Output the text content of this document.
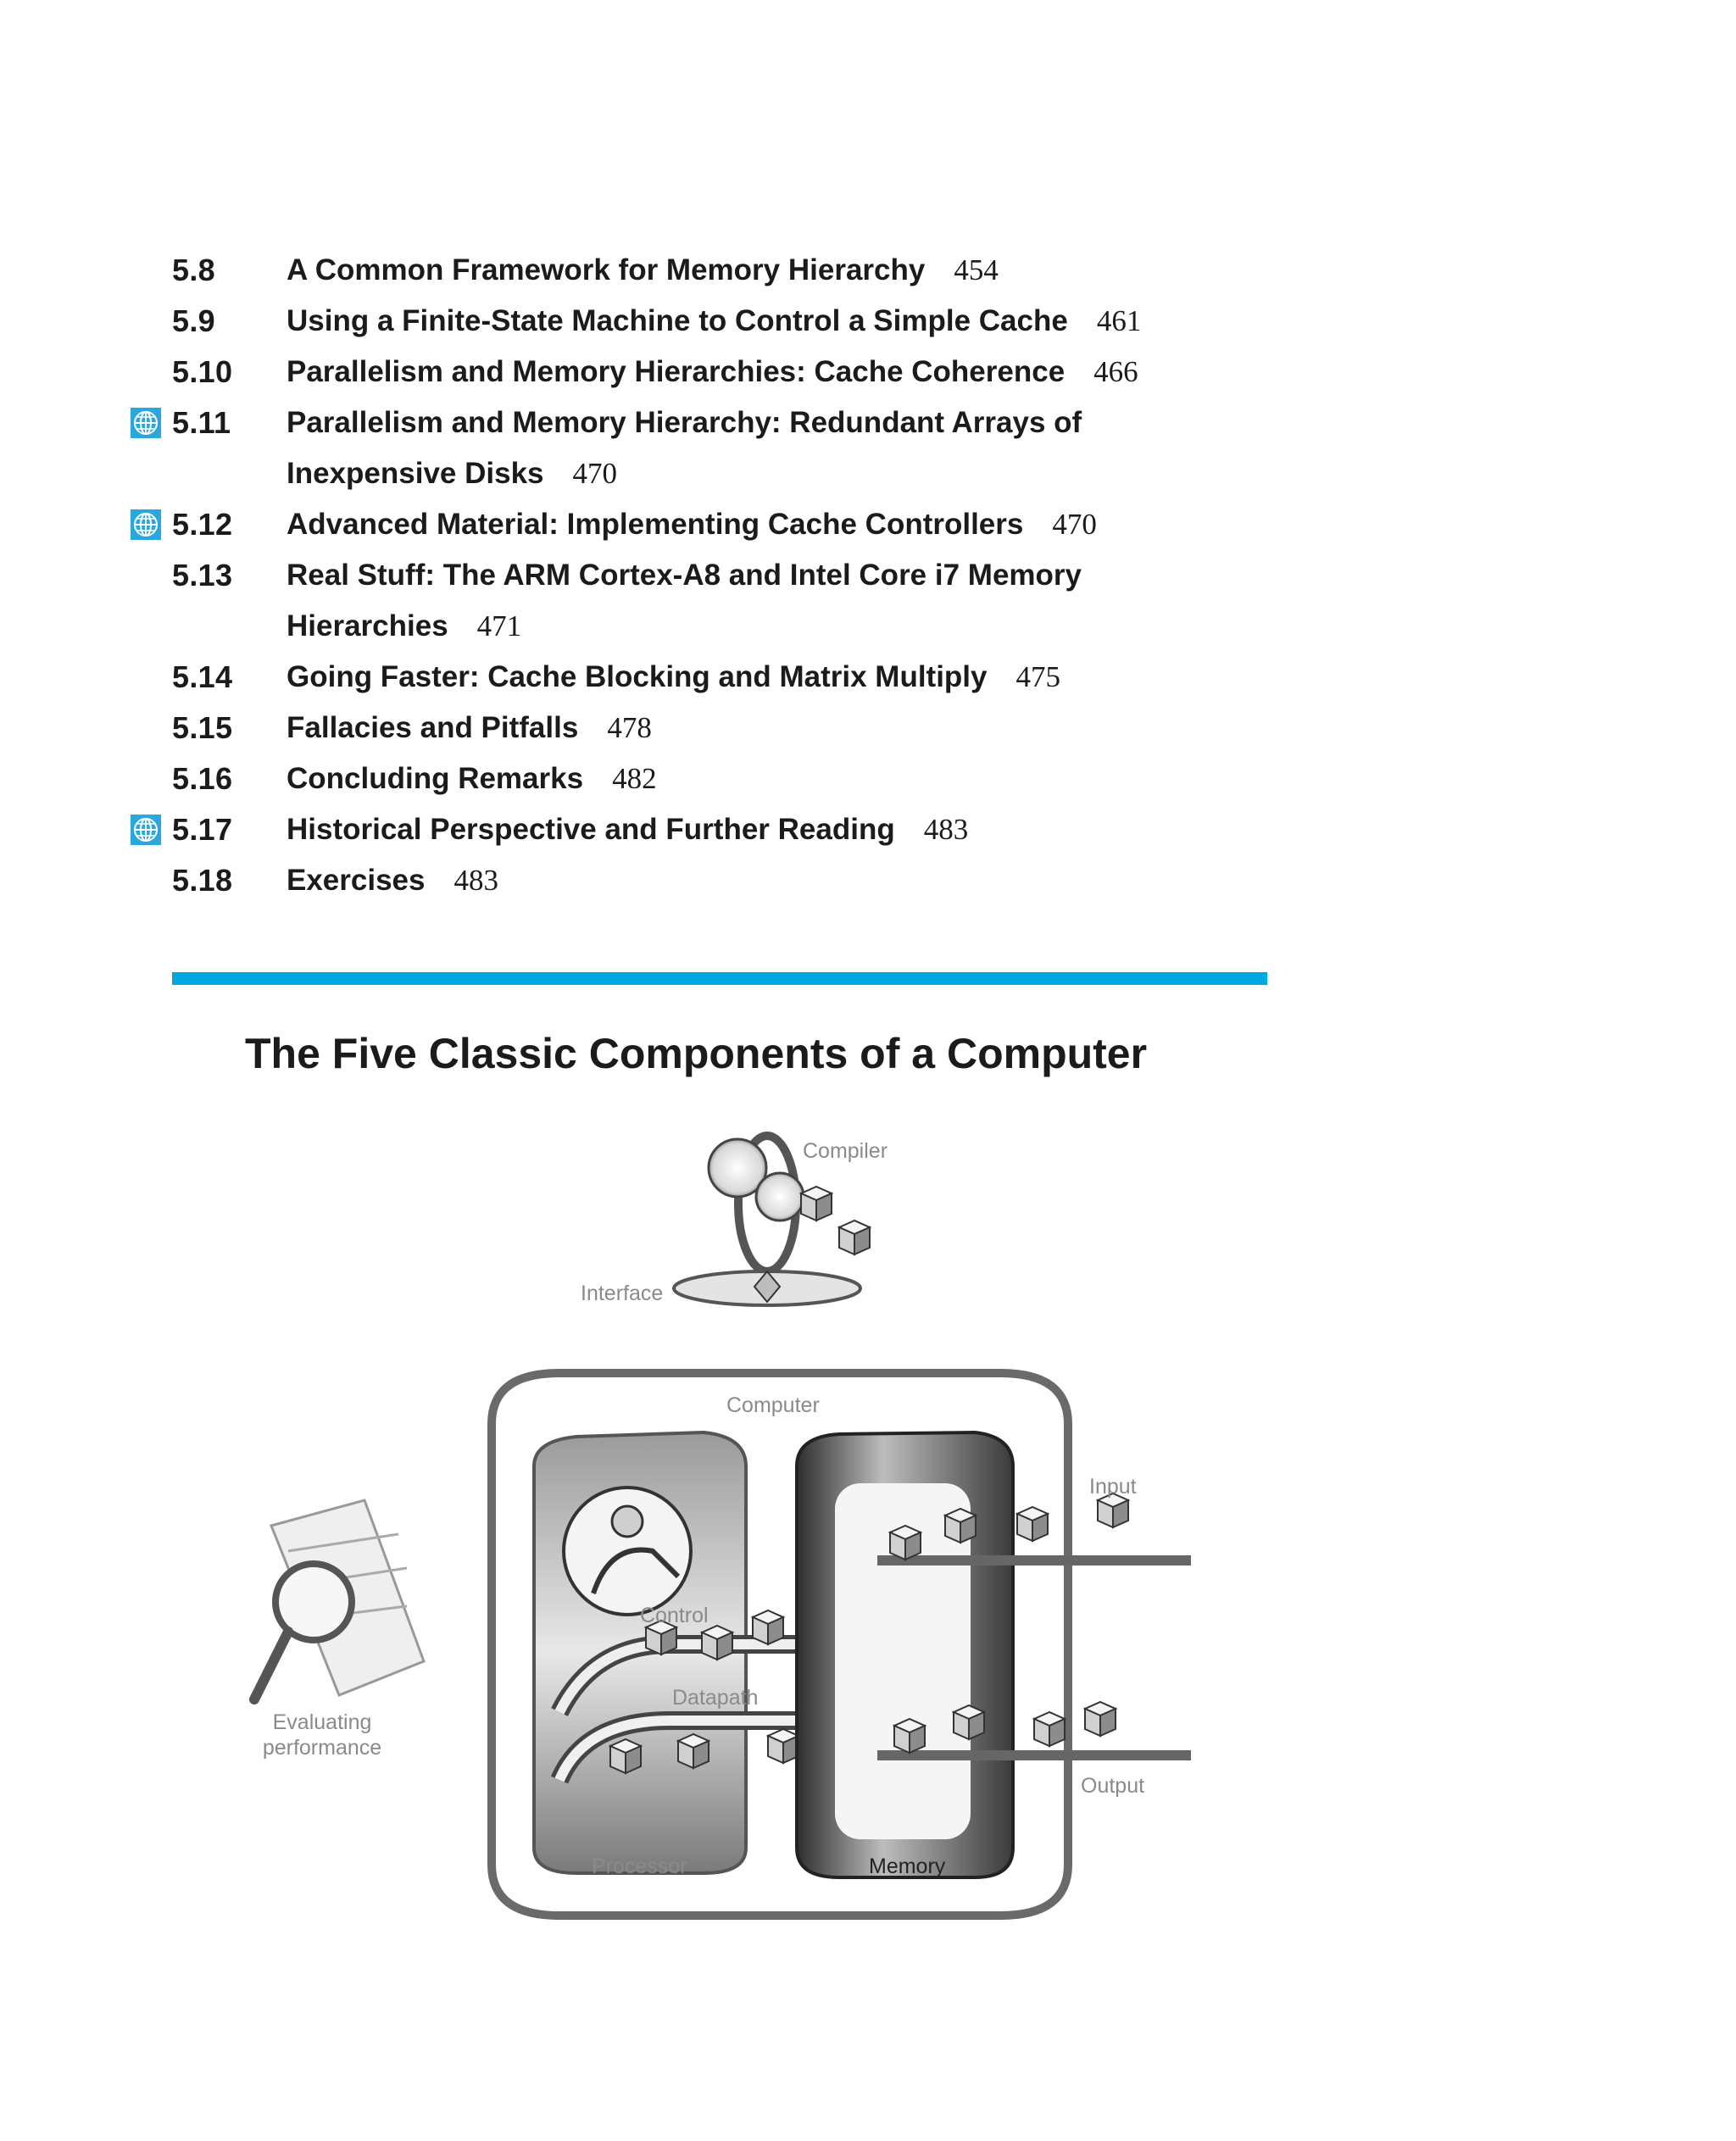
5.8 A Common Framework for Memory Hierarchy 454
5.9 Using a Finite-State Machine to Control a Simple Cache 461
5.10 Parallelism and Memory Hierarchies: Cache Coherence 466
5.11 Parallelism and Memory Hierarchy: Redundant Arrays of
Inexpensive Disks 470
5.12 Advanced Material: Implementing Cache Controllers 470
5.13 Real Stuff: The ARM Cortex-A8 and Intel Core i7 Memory
Hierarchies 471
5.14 Going Faster: Cache Blocking and Matrix Multiply 475
5.15 Fallacies and Pitfalls 478
5.16 Concluding Remarks 482
5.17 Historical Perspective and Further Reading 483
5.18 Exercises 483
The Five Classic Components of a Computer
Compiler
Interface
Computer
Input
Control
Datapath
Evaluating
performance
Output
Processor	Memory
